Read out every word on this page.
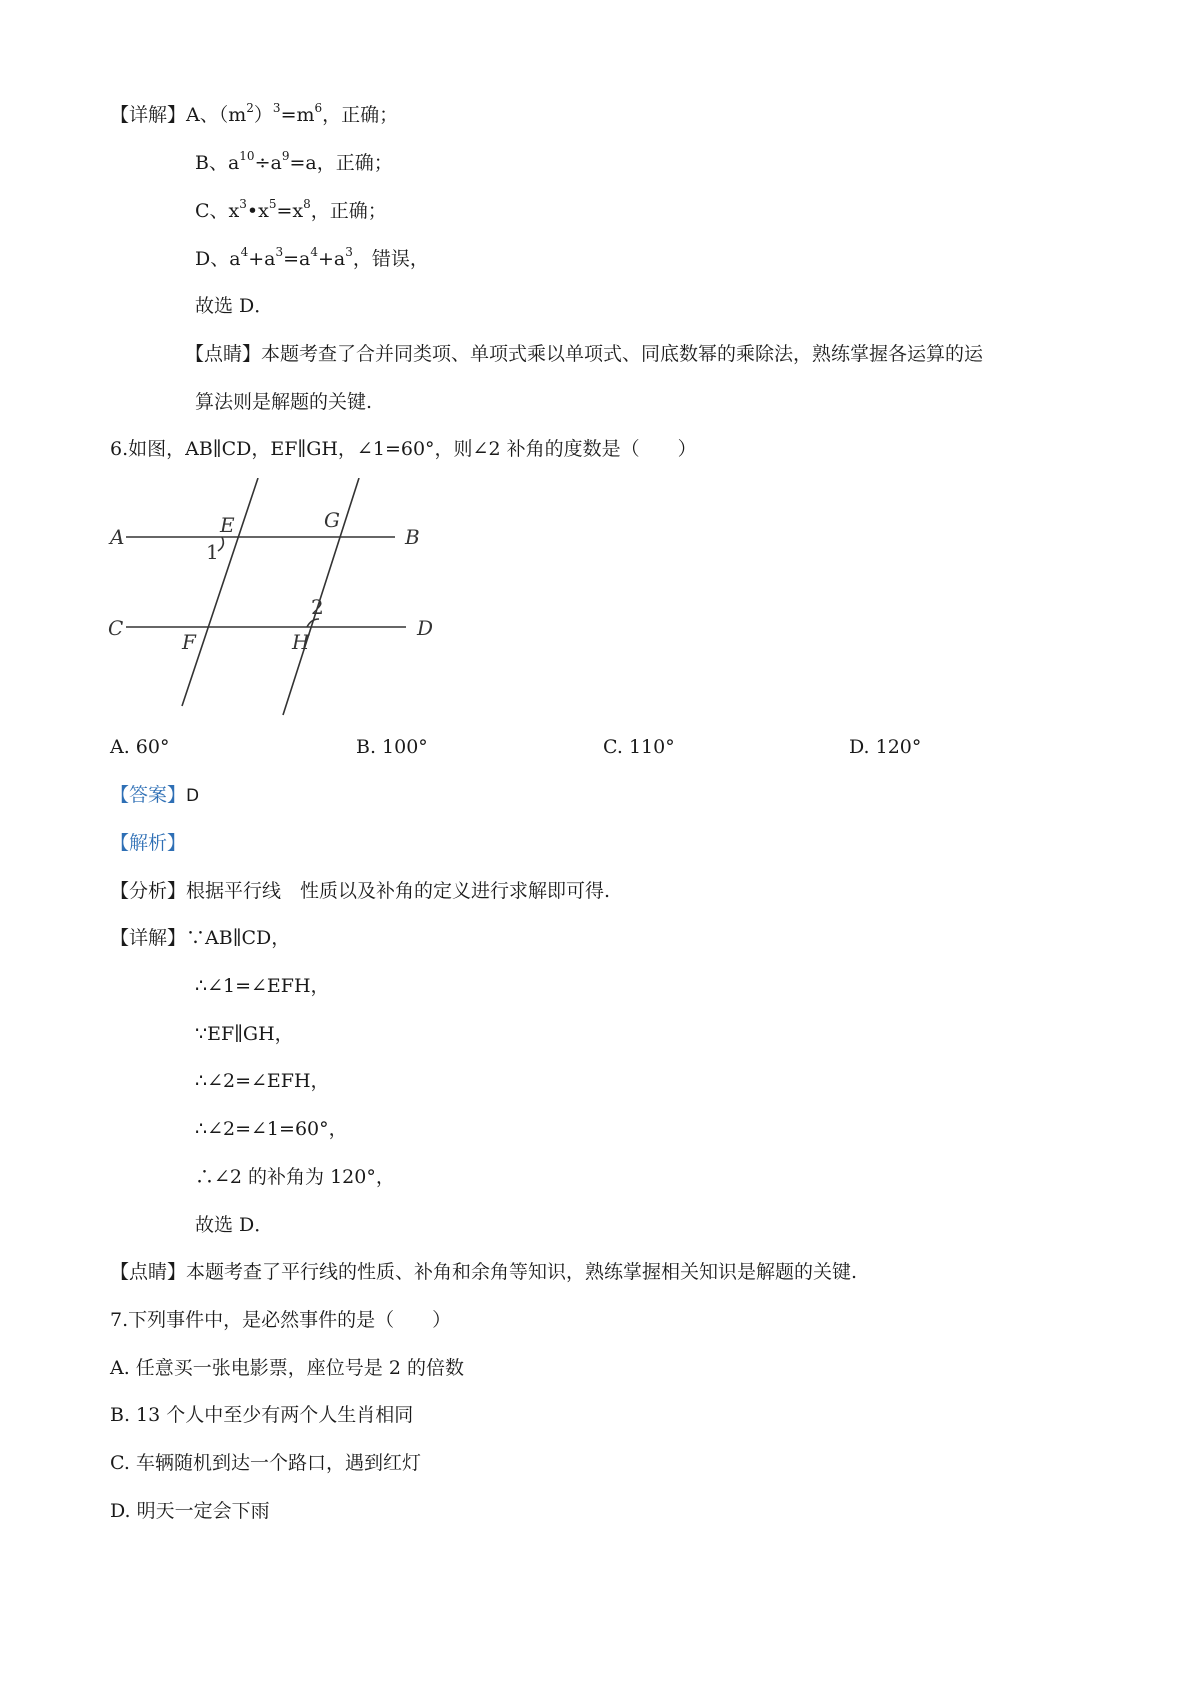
【详解】A、$(m^2)^3=m^6$，正确；
B、$a^{10}\div a^9=a$，正确；
C、$x^3•x^5=x^8$，正确；
D、$a^4+a^3=a^4+a^3$，错误，
故选 D．
【点睛】本题考查了合并同类项、单项式乘以单项式、同底数幂的乘除法，熟练掌握各运算的运
算法则是解题的关键.
6.如图，AB∥CD，EF∥GH，∠1=60°，则∠2 补角的度数是（　　）
A	B
C	D
E
F
G
H
1
2
A. 60°	B. 100°	C. 110°	D. 120°
【答案】D
【解析】
【分析】根据平行线　性质以及补角的定义进行求解即可得.
【详解】∵AB∥CD，
∴∠1=∠EFH，
∵EF∥GH，
∴∠2=∠EFH，
∴∠2=∠1=60°，
∴∠2 的补角为 120°，
故选 D．
【点睛】本题考查了平行线的性质、补角和余角等知识，熟练掌握相关知识是解题的关键.
7.下列事件中，是必然事件的是（　　）
A. 任意买一张电影票，座位号是 2 的倍数
B. 13 个人中至少有两个人生肖相同
C. 车辆随机到达一个路口，遇到红灯
D. 明天一定会下雨
